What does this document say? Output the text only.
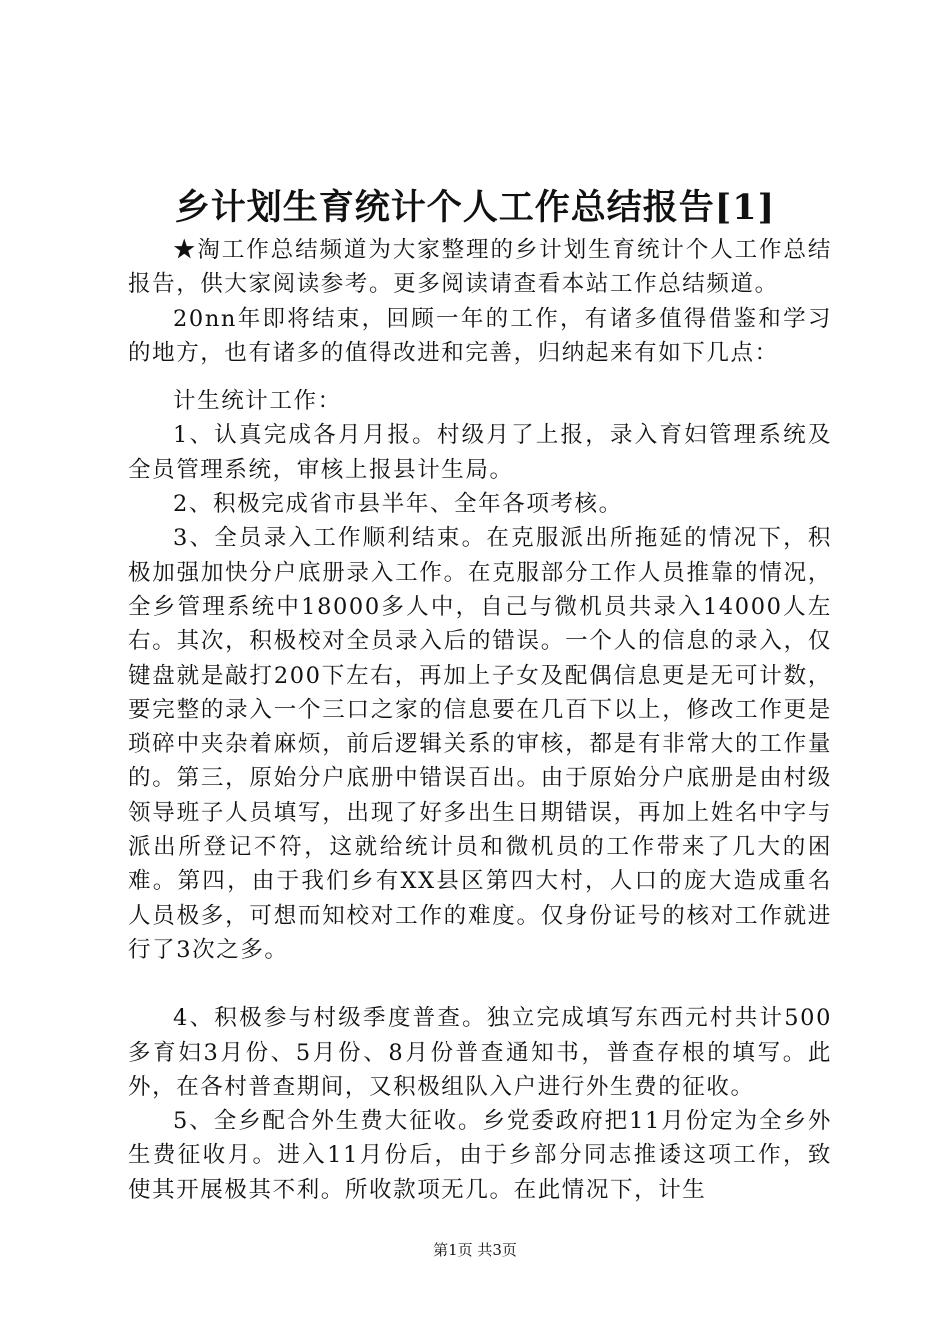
乡计划生育统计个人工作总结报告[1]

★淘工作总结频道为大家整理的乡计划生育统计个人工作总结报告，供大家阅读参考。更多阅读请查看本站工作总结频道。

20nn年即将结束，回顾一年的工作，有诸多值得借鉴和学习的地方，也有诸多的值得改进和完善，归纳起来有如下几点：

计生统计工作：

1、认真完成各月月报。村级月了上报，录入育妇管理系统及全员管理系统，审核上报县计生局。

2、积极完成省市县半年、全年各项考核。

3、全员录入工作顺利结束。在克服派出所拖延的情况下，积极加强加快分户底册录入工作。在克服部分工作人员推靠的情况，全乡管理系统中18000多人中，自己与微机员共录入14000人左右。其次，积极校对全员录入后的错误。一个人的信息的录入，仅键盘就是敲打200下左右，再加上子女及配偶信息更是无可计数，要完整的录入一个三口之家的信息要在几百下以上，修改工作更是琐碎中夹杂着麻烦，前后逻辑关系的审核，都是有非常大的工作量的。第三，原始分户底册中错误百出。由于原始分户底册是由村级领导班子人员填写，出现了好多出生日期错误，再加上姓名中字与派出所登记不符，这就给统计员和微机员的工作带来了几大的困难。第四，由于我们乡有XX县区第四大村，人口的庞大造成重名人员极多，可想而知校对工作的难度。仅身份证号的核对工作就进行了3次之多。

4、积极参与村级季度普查。独立完成填写东西元村共计500多育妇3月份、5月份、8月份普查通知书，普查存根的填写。此外，在各村普查期间，又积极组队入户进行外生费的征收。

5、全乡配合外生费大征收。乡党委政府把11月份定为全乡外生费征收月。进入11月份后，由于乡部分同志推诿这项工作，致使其开展极其不利。所收款项无几。在此情况下，计生

第1页 共3页
